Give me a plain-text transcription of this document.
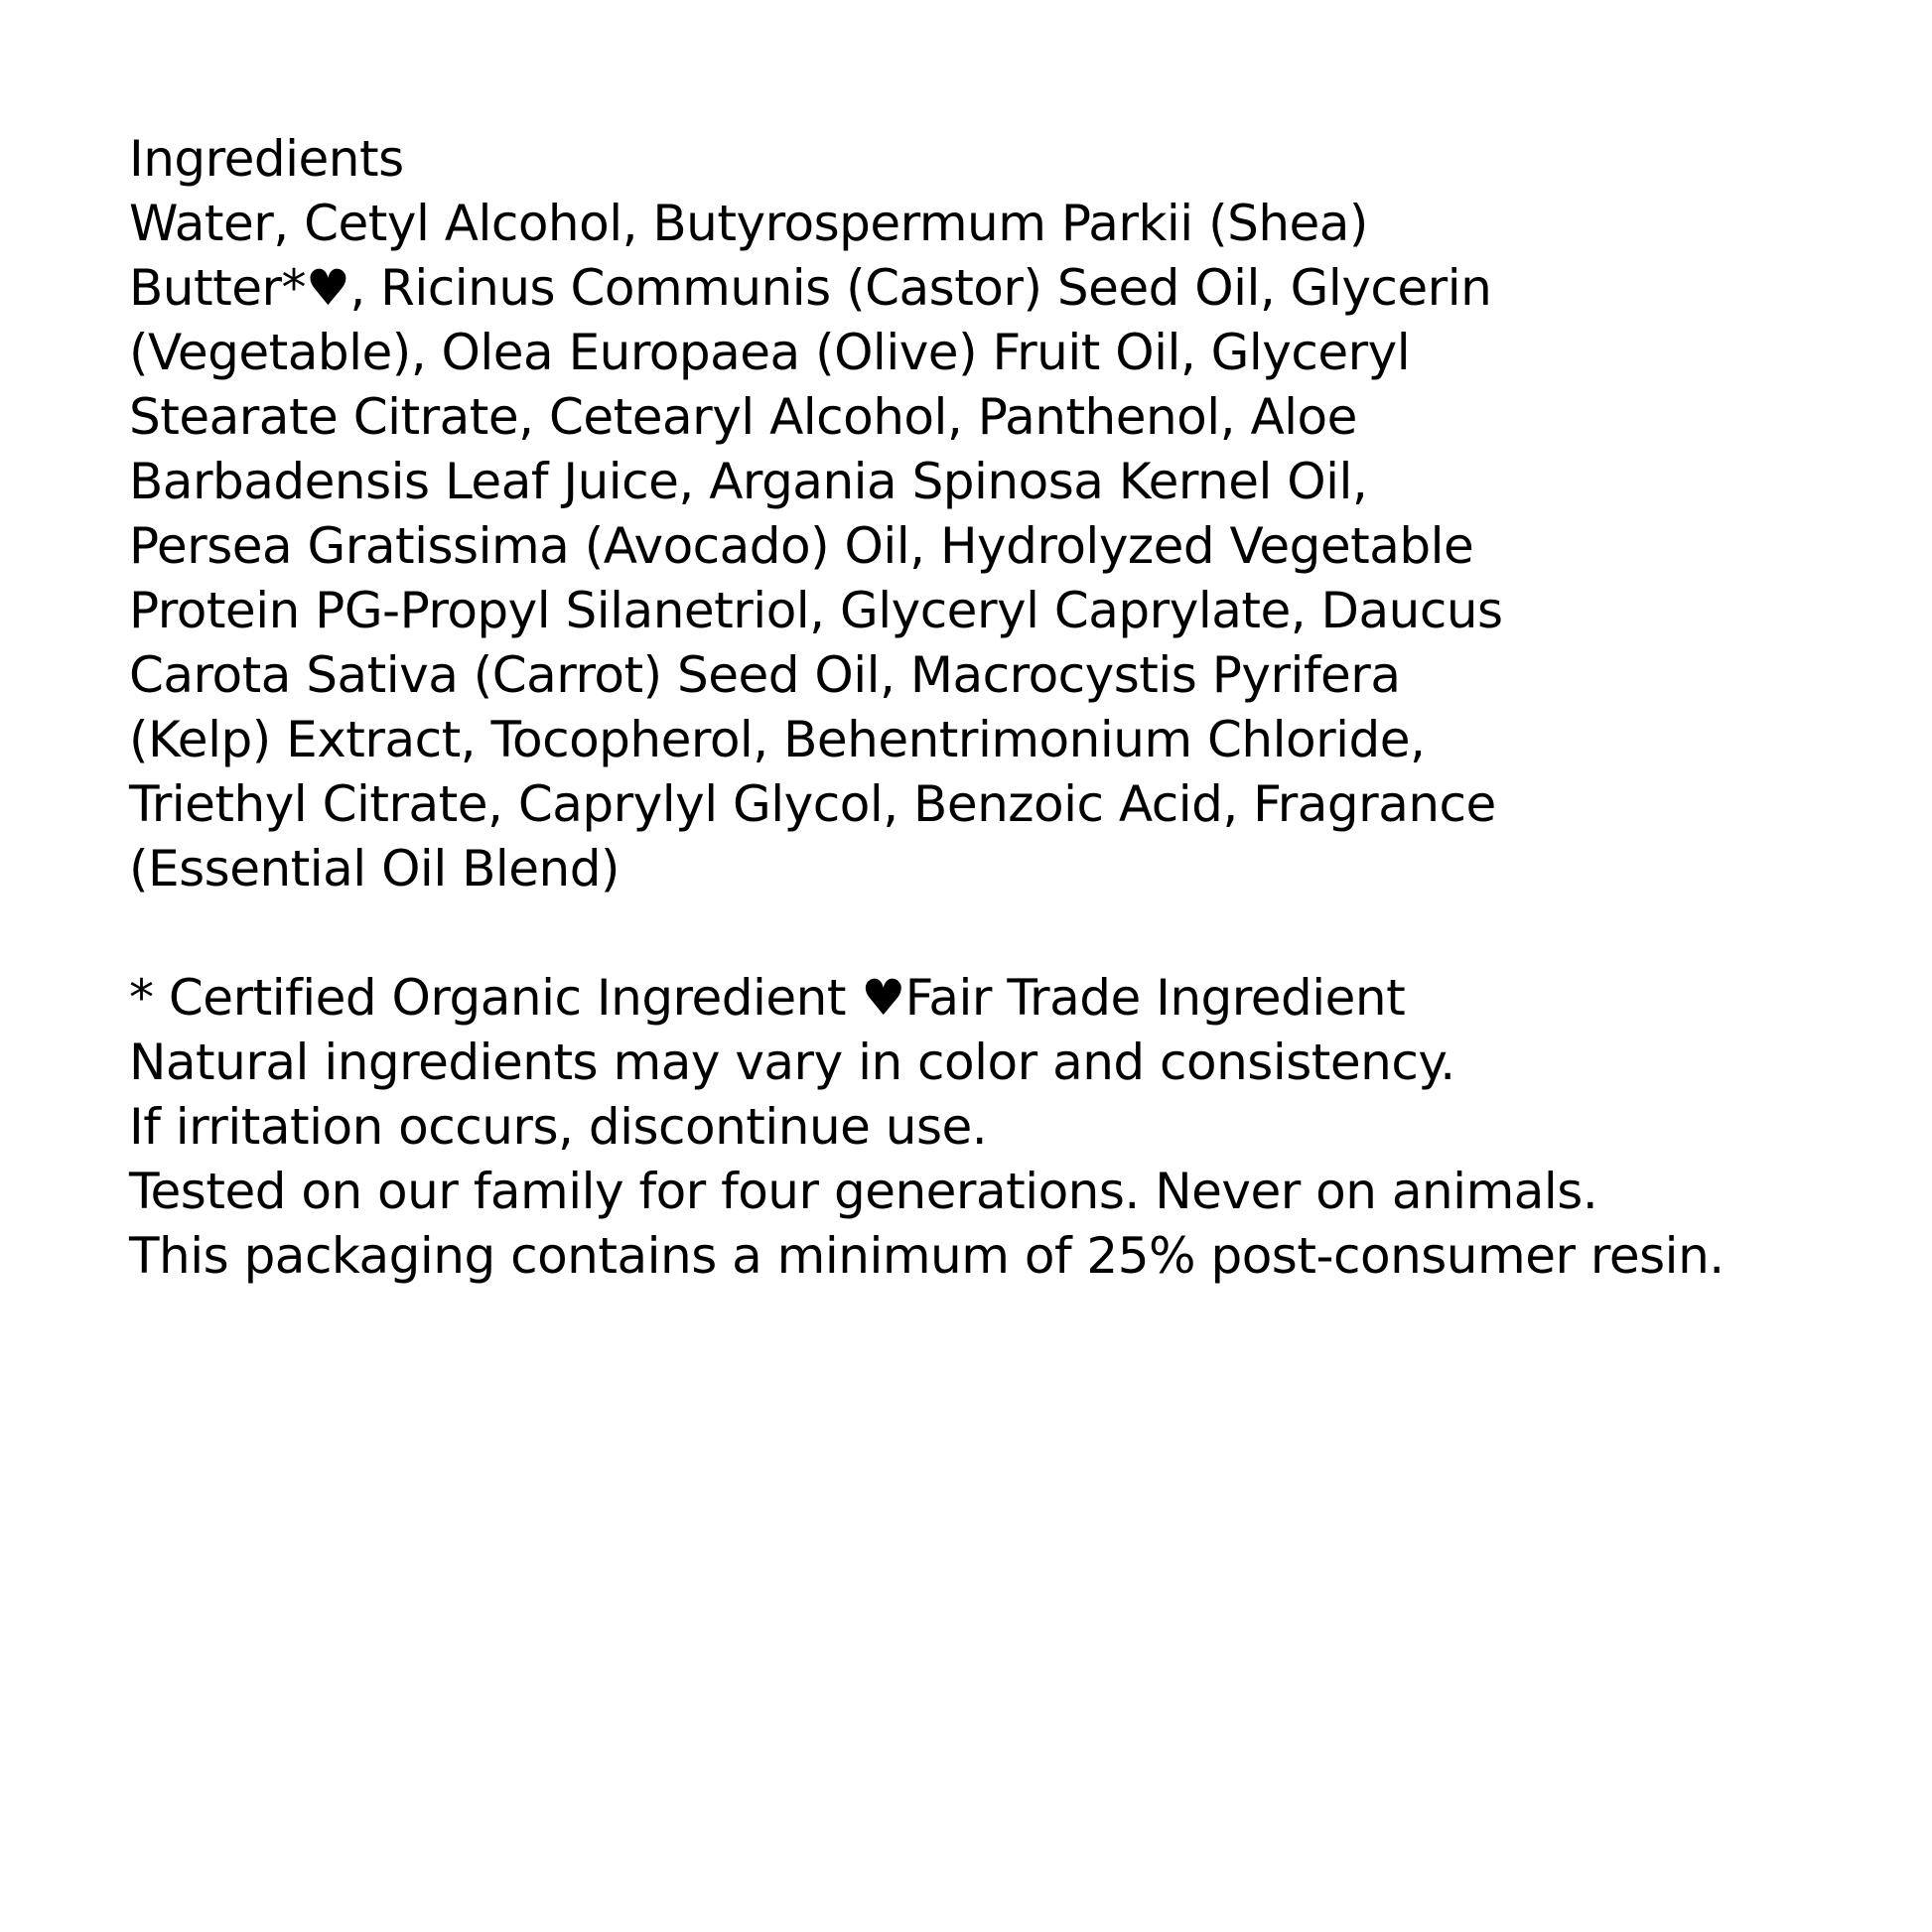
Ingredients
Water, Cetyl Alcohol, Butyrospermum Parkii (Shea)
Butter*♥, Ricinus Communis (Castor) Seed Oil, Glycerin
(Vegetable), Olea Europaea (Olive) Fruit Oil, Glyceryl
Stearate Citrate, Cetearyl Alcohol, Panthenol, Aloe
Barbadensis Leaf Juice, Argania Spinosa Kernel Oil,
Persea Gratissima (Avocado) Oil, Hydrolyzed Vegetable
Protein PG-Propyl Silanetriol, Glyceryl Caprylate, Daucus
Carota Sativa (Carrot) Seed Oil, Macrocystis Pyrifera
(Kelp) Extract, Tocopherol, Behentrimonium Chloride,
Triethyl Citrate, Caprylyl Glycol, Benzoic Acid, Fragrance
(Essential Oil Blend)
* Certified Organic Ingredient ♥Fair Trade Ingredient
Natural ingredients may vary in color and consistency.
If irritation occurs, discontinue use.
Tested on our family for four generations. Never on animals.
This packaging contains a minimum of 25% post-consumer resin.
